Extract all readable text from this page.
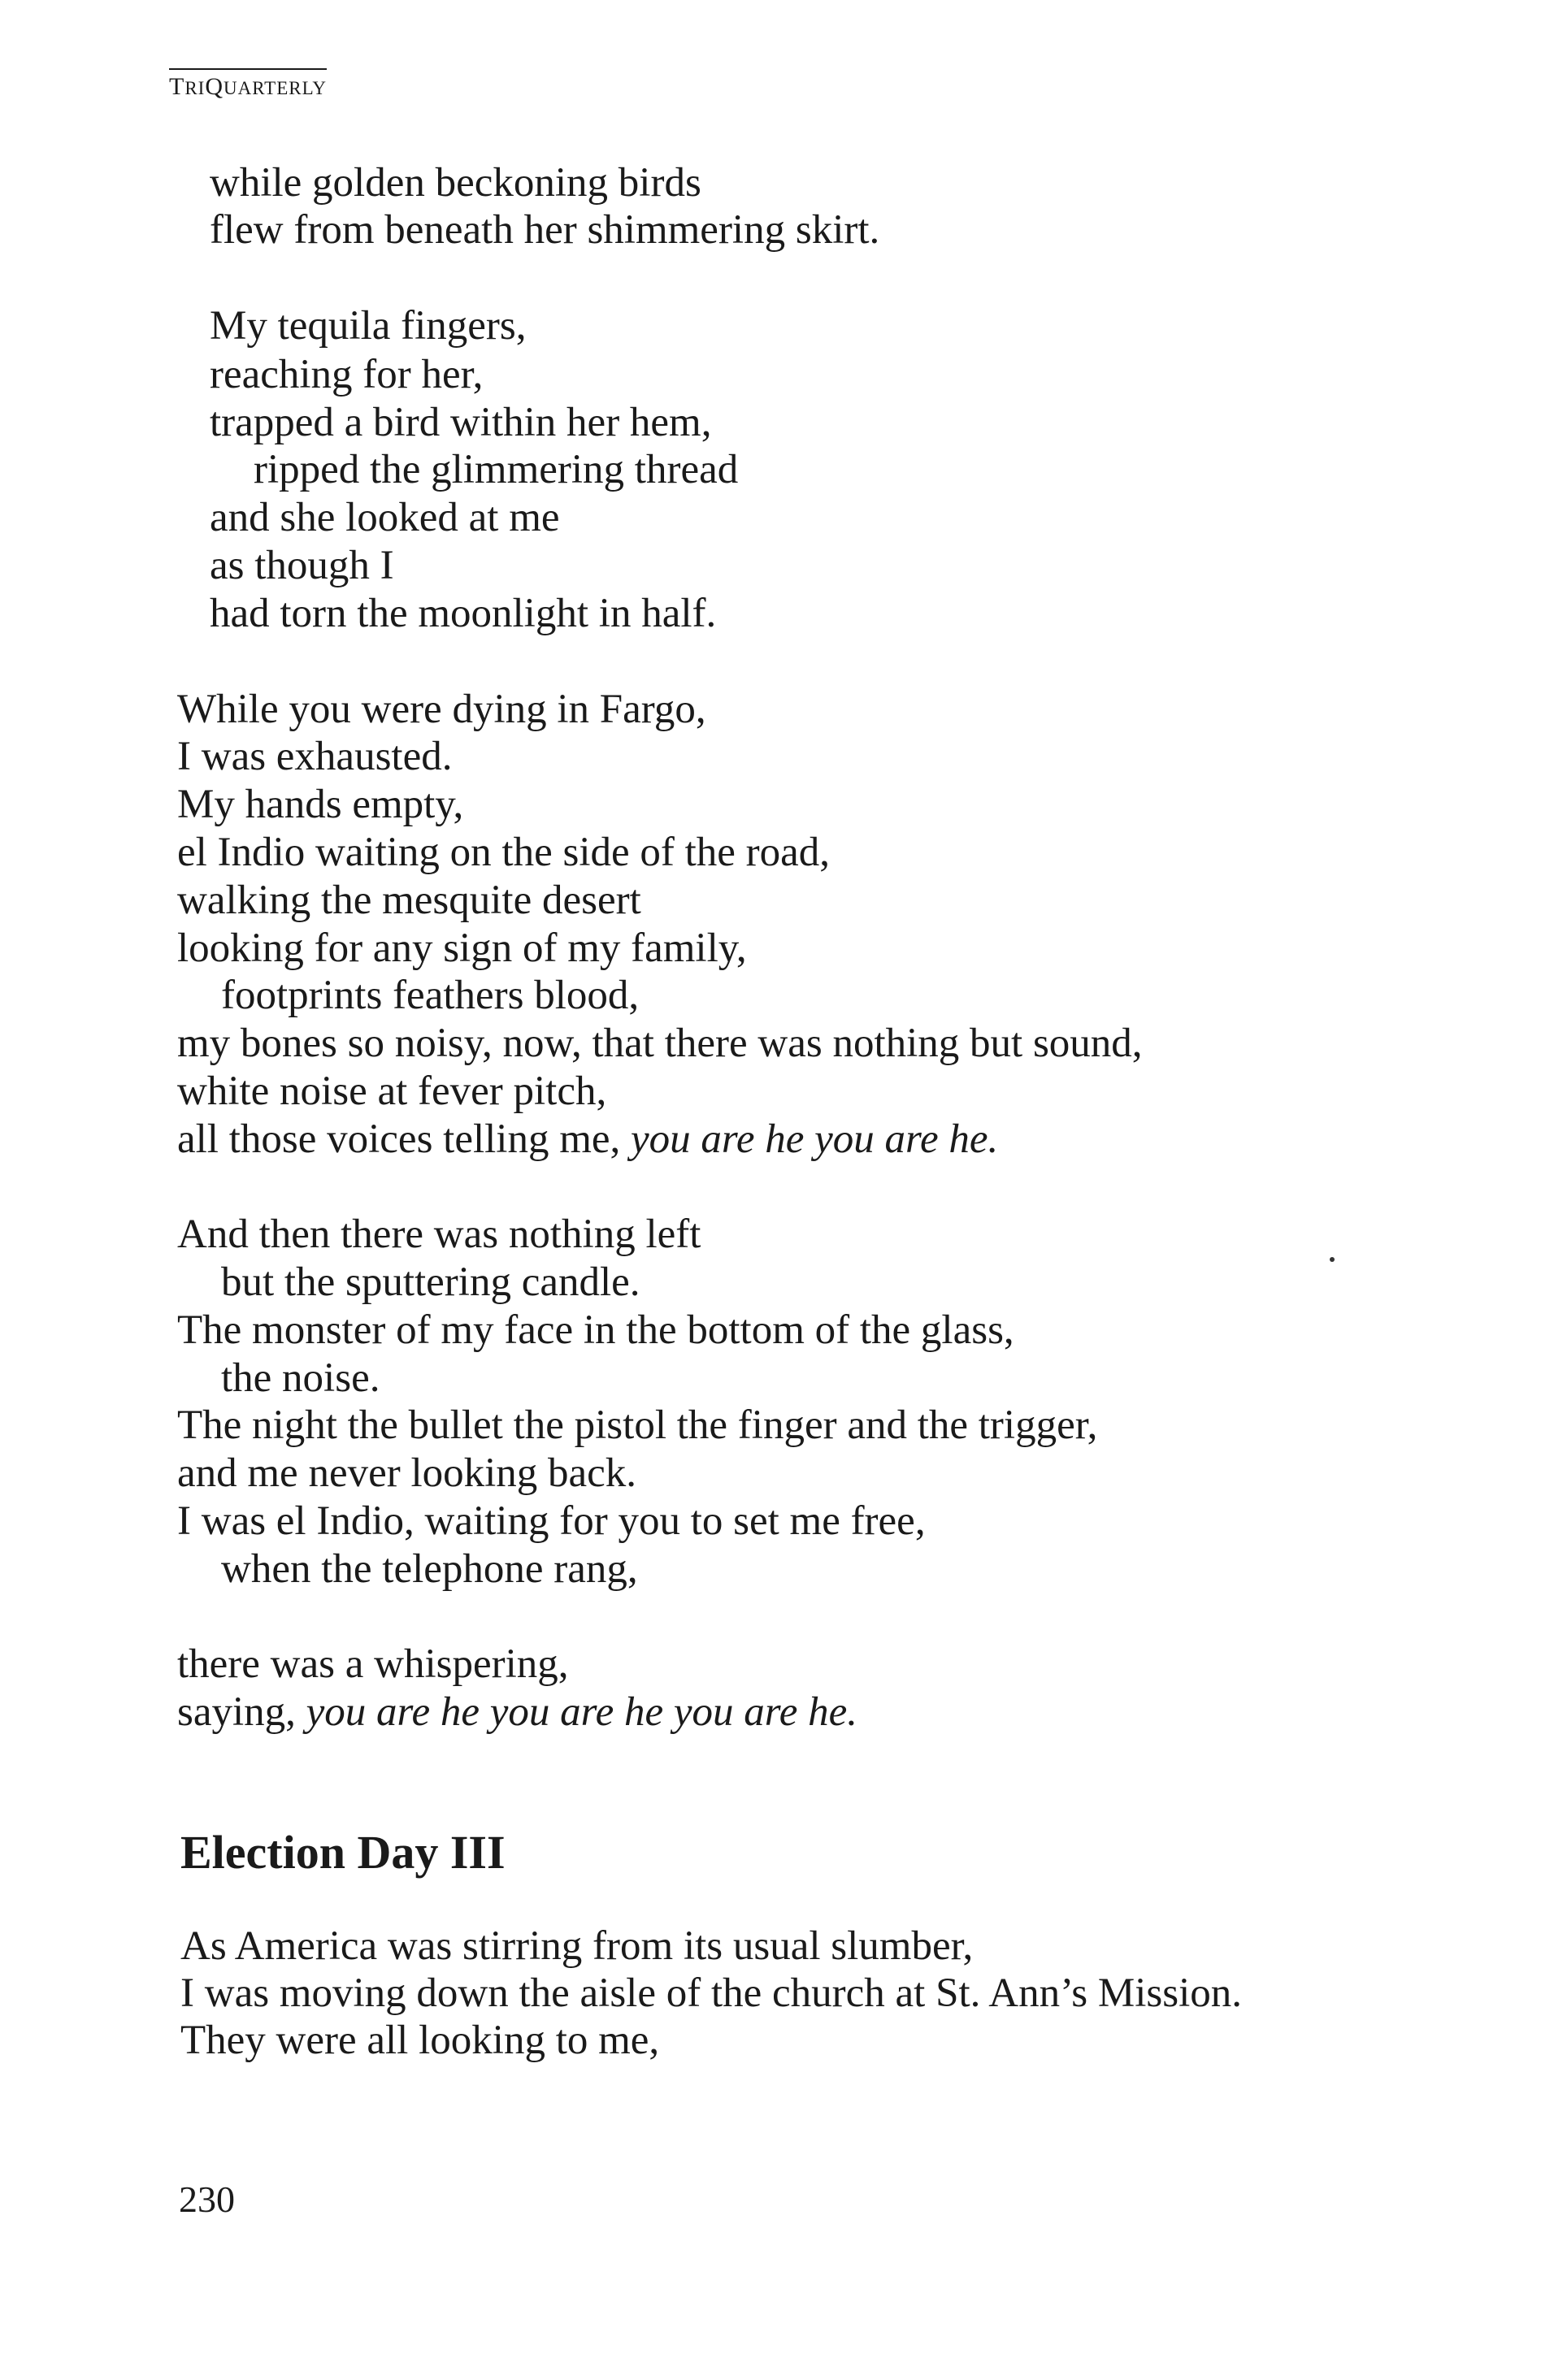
TRIQUARTERLY
while golden beckoning birds
flew from beneath her shimmering skirt.
My tequila fingers,
reaching for her,
trapped a bird within her hem,
ripped the glimmering thread
and she looked at me
as though I
had torn the moonlight in half.
While you were dying in Fargo,
I was exhausted.
My hands empty,
el Indio waiting on the side of the road,
walking the mesquite desert
looking for any sign of my family,
footprints feathers blood,
my bones so noisy, now, that there was nothing but sound,
white noise at fever pitch,
all those voices telling me, you are he you are he.
And then there was nothing left
but the sputtering candle.
The monster of my face in the bottom of the glass,
the noise.
The night the bullet the pistol the finger and the trigger,
and me never looking back.
I was el Indio, waiting for you to set me free,
when the telephone rang,
there was a whispering,
saying, you are he you are he you are he.
Election Day III
As America was stirring from its usual slumber,
I was moving down the aisle of the church at St. Ann’s Mission.
They were all looking to me,
230
